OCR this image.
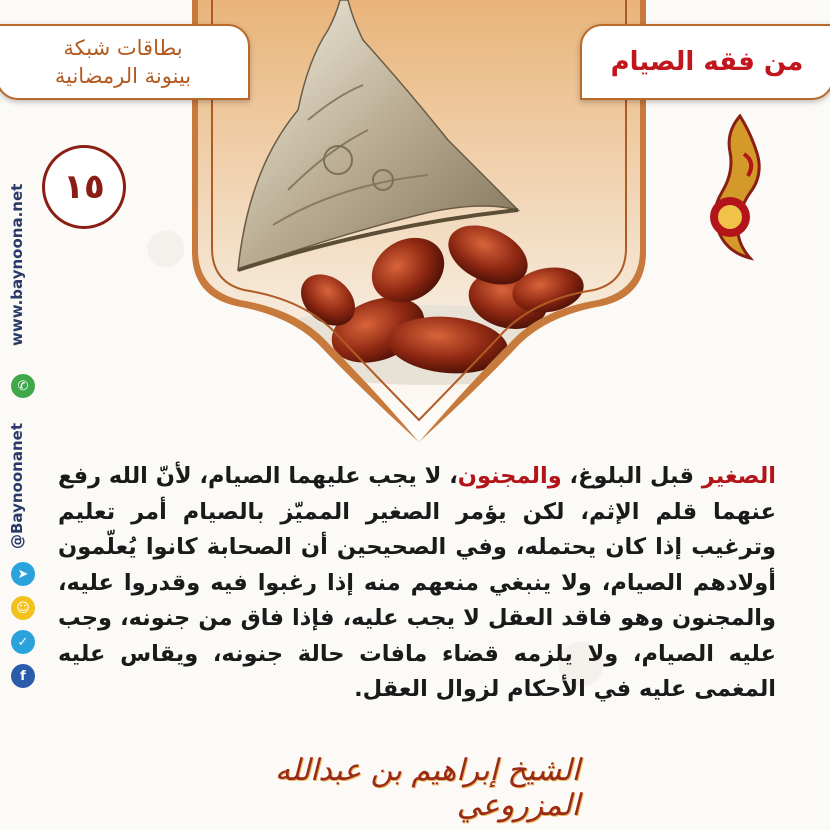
بطاقات شبكة
بينونة الرمضانية	من فقه الصيام
١٥
www.baynoona.net
✆
@Baynoonanet
➤
☺
✓
f
الصغير قبل البلوغ، والمجنون، لا يجب عليهما الصيام، لأنّ الله رفع عنهما قلم الإثم، لكن يؤمر الصغير المميّز بالصيام أمر تعليم وترغيب إذا كان يحتمله، وفي الصحيحين أن الصحابة كانوا يُعلّمون أولادهم الصيام، ولا ينبغي منعهم منه إذا رغبوا فيه وقدروا عليه، والمجنون وهو فاقد العقل لا يجب عليه، فإذا فاق من جنونه، وجب عليه الصيام، ولا يلزمه قضاء مافات حالة جنونه، ويقاس عليه المغمى عليه في الأحكام لزوال العقل.
الشيخ إبراهيم بن عبدالله المزروعي
